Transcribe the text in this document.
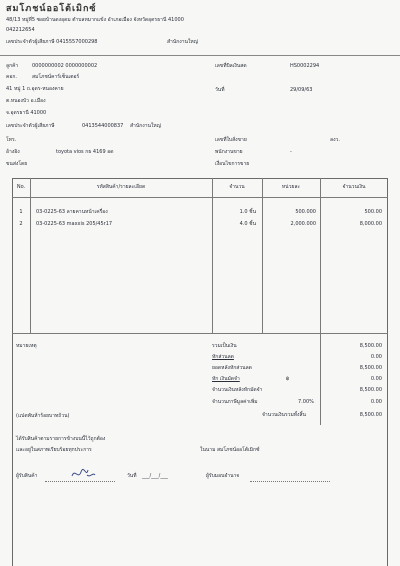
สมโภชน์ออโต้เมิกซ์
48/13 หมู่ที่5 ซอยบ้านดงอุดม ตำบลหมากแข้ง อำเภอเมือง จังหวัดอุดรธานี 41000
042212654
เลขประจำตัวผู้เสียภาษี 0415557000298	สำนักงานใหญ่
ลูกค้า	0000000002 0000000002
คอก.	สมโภชน์คาร์เซ็นเตอร์
41 หมู่ 1 ถ.อุดร-หนองคาย
ต.หนองบัว อ.เมือง
จ.อุดรธานี 41000
เลขประจำตัวผู้เสียภาษี	0413544000837 สำนักงานใหญ่
โทร.
อ้างอิง	toyota vios กธ 4169 อด
ขนส่งโดย
เลขที่บิลเงินสด	HS0002294
วันที่	29/09/63
เลขที่ใบสั่งขาย	ลงว.
พนักงานขาย	-
เงื่อนไขการขาย
No.	รหัสสินค้า/รายละเอียด	จำนวน	หน่วยละ	จำนวนเงิน
1	03-0225-63 ลายคานหน้าเครื่อง	1.0 ชิ้น	500.000	500.00
2	03-0225-63 maxxis 205/45r17	4.0 ชิ้น	2,000.000	8,000.00
หมายเหตุ
(แปดพันห้าร้อยบาทถ้วน)
รวมเป็นเงิน	8,500.00
หักส่วนลด	0.00
ยอดหลังหักส่วนลด	8,500.00
หัก เงินมัดจำ	฿	0.00
จำนวนเงินหลังหักมัดจำ	8,500.00
จำนวนภาษีมูลค่าเพิ่ม	7.00%	0.00
จำนวนเงินรวมทั้งสิ้น	8,500.00
ได้รับสินค้าตามรายการข้างบนนี้ไว้ถูกต้อง
และอยู่ในสภาพเรียบร้อยทุกประการ	ในนาม สมโภชน์ออโต้เมิกซ์
ผู้รับสินค้า	วันที่ ___/___/___	ผู้รับมอบอำนาจ
